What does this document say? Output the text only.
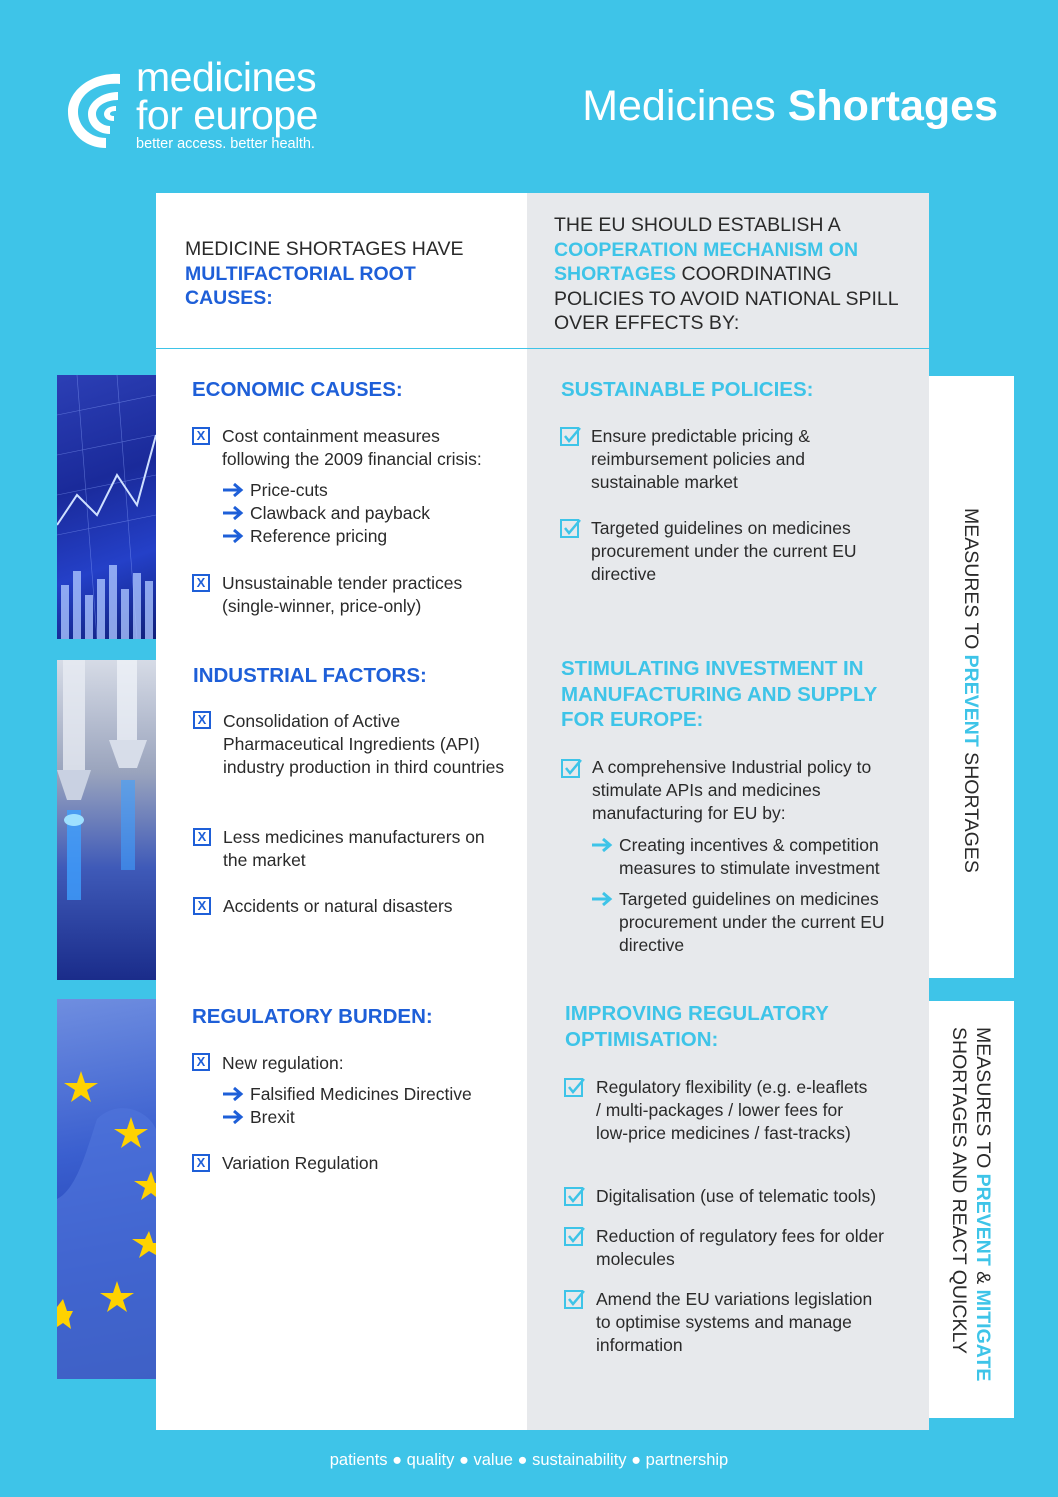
medicines
for europe
better access. better health.
Medicines Shortages
MEDICINE SHORTAGES HAVE MULTIFACTORIAL ROOT CAUSES:
THE EU SHOULD ESTABLISH A COOPERATION MECHANISM ON SHORTAGES COORDINATING POLICIES TO AVOID NATIONAL SPILL OVER EFFECTS BY:
ECONOMIC CAUSES:
X Cost containment measures following the 2009 financial crisis:
Price-cuts
Clawback and payback
Reference pricing
X Unsustainable tender practices (single-winner, price-only)
INDUSTRIAL FACTORS:
X Consolidation of Active Pharmaceutical Ingredients (API) industry production in third countries
X Less medicines manufacturers on the market
X Accidents or natural disasters
REGULATORY BURDEN:
X New regulation:
Falsified Medicines Directive
Brexit
X Variation Regulation
SUSTAINABLE POLICIES:
Ensure predictable pricing & reimbursement policies and sustainable market
Targeted guidelines on medicines procurement under the current EU directive
STIMULATING INVESTMENT IN MANUFACTURING AND SUPPLY FOR EUROPE:
A comprehensive Industrial policy to stimulate APIs and medicines manufacturing for EU by:
Creating incentives & competition measures to stimulate investment
Targeted guidelines on medicines procurement under the current EU directive
IMPROVING REGULATORY OPTIMISATION:
Regulatory flexibility (e.g. e-leaflets / multi-packages / lower fees for low-price medicines / fast-tracks)
Digitalisation (use of telematic tools)
Reduction of regulatory fees for older molecules
Amend the EU variations legislation to optimise systems and manage information
MEASURES TO PREVENT SHORTAGES
MEASURES TO PREVENT & MITIGATE
SHORTAGES AND REACT QUICKLY
patients ● quality ● value ● sustainability ● partnership
